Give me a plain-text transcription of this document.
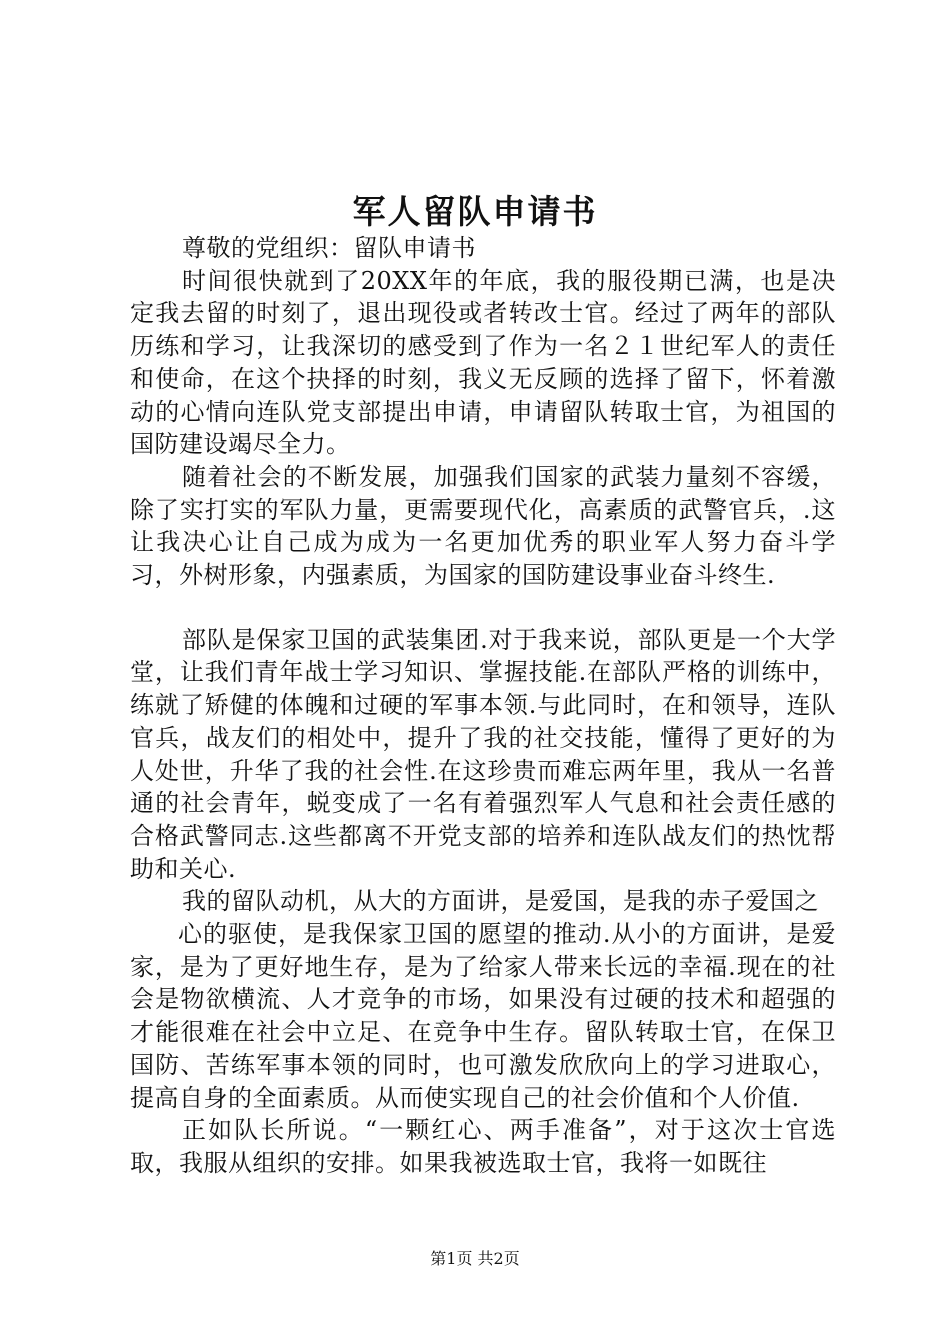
军人留队申请书

尊敬的党组织：留队申请书

时间很快就到了20XX年的年底，我的服役期已满，也是决定我去留的时刻了，退出现役或者转改士官。经过了两年的部队历练和学习，让我深切的感受到了作为一名２１世纪军人的责任和使命，在这个抉择的时刻，我义无反顾的选择了留下，怀着激动的心情向连队党支部提出申请，申请留队转取士官，为祖国的国防建设竭尽全力。

随着社会的不断发展，加强我们国家的武装力量刻不容缓，除了实打实的军队力量，更需要现代化，高素质的武警官兵，.这让我决心让自己成为成为一名更加优秀的职业军人努力奋斗学习，外树形象，内强素质，为国家的国防建设事业奋斗终生.

部队是保家卫国的武装集团.对于我来说，部队更是一个大学堂，让我们青年战士学习知识、掌握技能.在部队严格的训练中，练就了矫健的体魄和过硬的军事本领.与此同时，在和领导，连队官兵，战友们的相处中，提升了我的社交技能，懂得了更好的为人处世，升华了我的社会性.在这珍贵而难忘两年里，我从一名普通的社会青年，蜕变成了一名有着强烈军人气息和社会责任感的合格武警同志.这些都离不开党支部的培养和连队战友们的热忱帮助和关心.

我的留队动机，从大的方面讲，是爱国，是我的赤子爱国之

心的驱使，是我保家卫国的愿望的推动.从小的方面讲，是爱家，是为了更好地生存，是为了给家人带来长远的幸福.现在的社会是物欲横流、人才竞争的市场，如果没有过硬的技术和超强的才能很难在社会中立足、在竞争中生存。留队转取士官，在保卫国防、苦练军事本领的同时，也可激发欣欣向上的学习进取心，提高自身的全面素质。从而使实现自己的社会价值和个人价值.

正如队长所说。“一颗红心、两手准备”，对于这次士官选取，我服从组织的安排。如果我被选取士官，我将一如既往

第1页 共2页
